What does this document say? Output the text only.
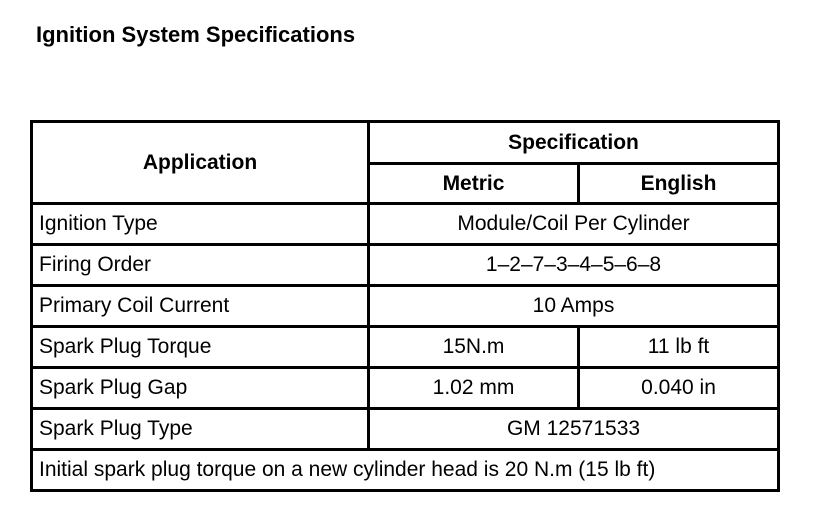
Ignition System Specifications
Application	Specification	
	Metric	English
Ignition Type	Module/Coil Per Cylinder	
Firing Order	1–2–7–3–4–5–6–8	
Primary Coil Current	10 Amps	
Spark Plug Torque	15N.m	11 lb ft
Spark Plug Gap	1.02 mm	0.040 in
Spark Plug Type	GM 12571533	
Initial spark plug torque on a new cylinder head is 20 N.m (15 lb ft)		
